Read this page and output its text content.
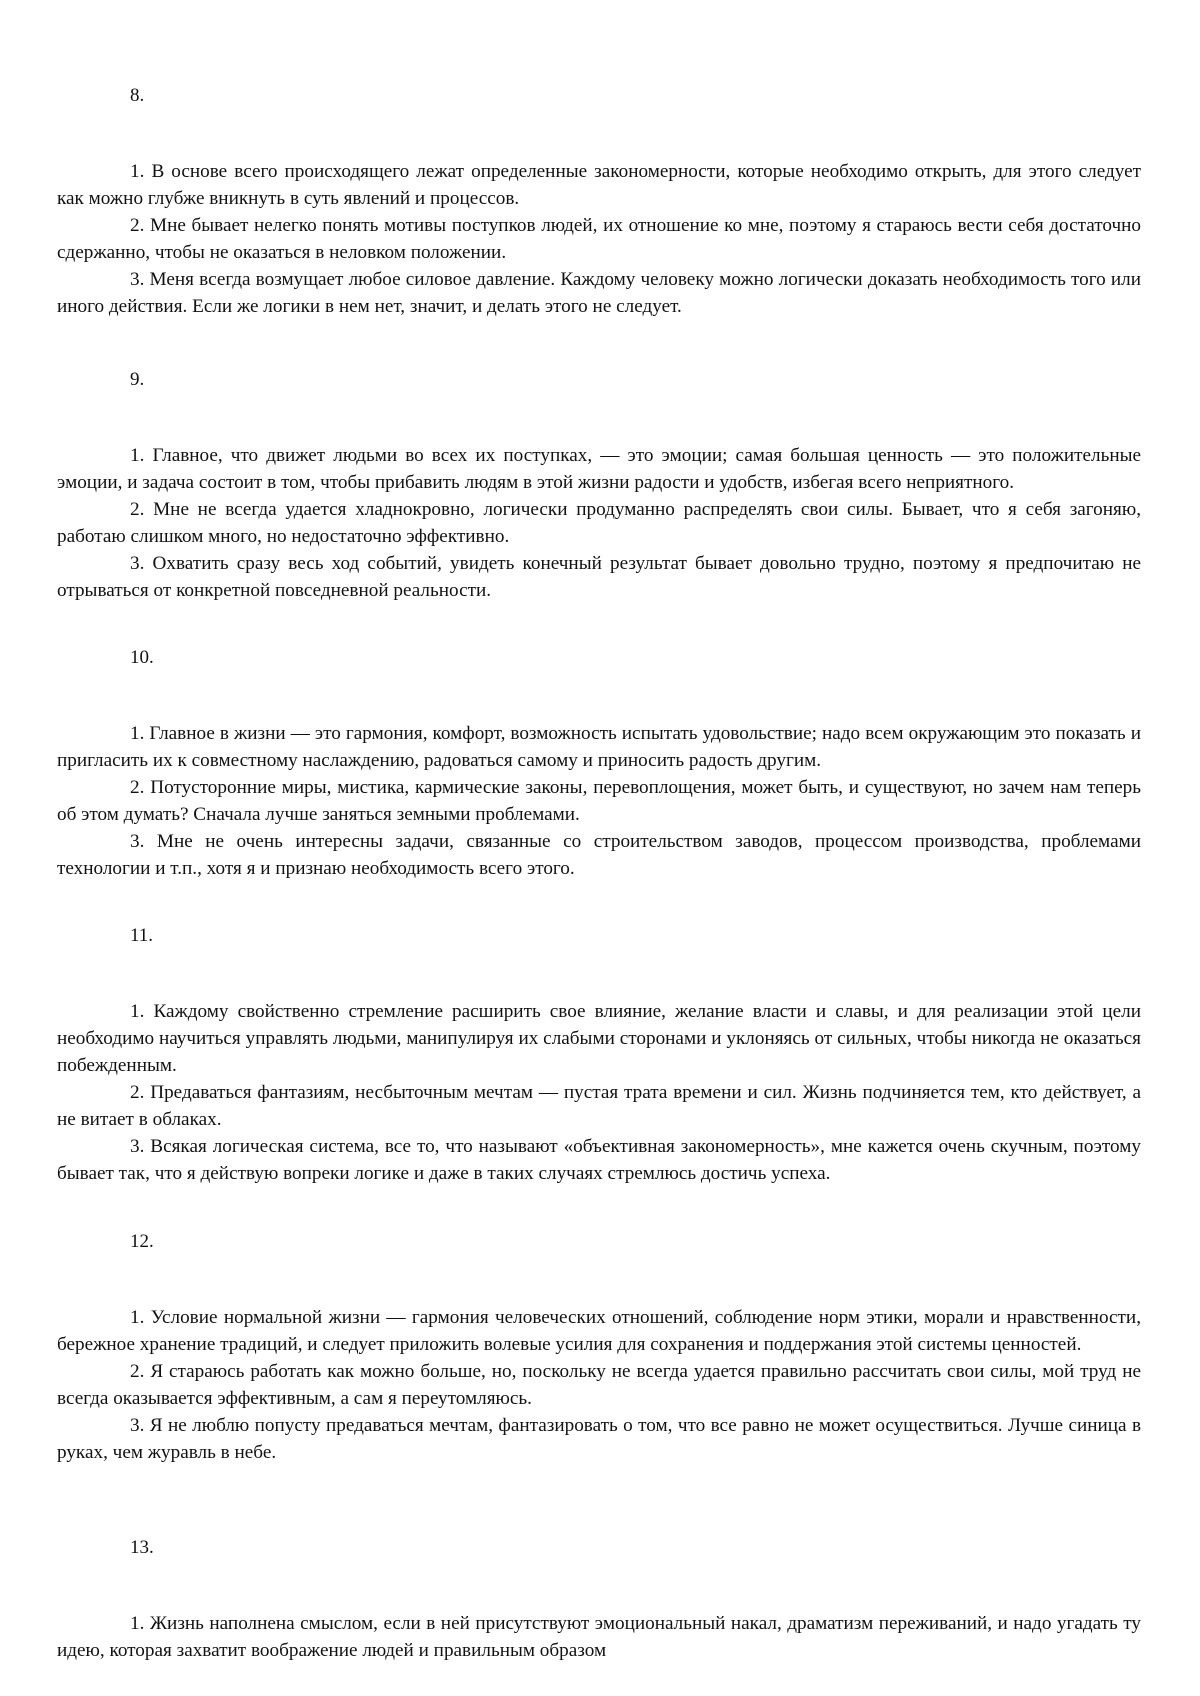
8.

1. В основе всего происходящего лежат определенные закономерности, которые необходимо открыть, для этого следует как можно глубже вникнуть в суть явлений и процессов.

2. Мне бывает нелегко понять мотивы поступков людей, их отношение ко мне, поэтому я стараюсь вести себя достаточно сдержанно, чтобы не оказаться в неловком положении.

3. Меня всегда возмущает любое силовое давление. Каждому человеку можно логически доказать необходимость того или иного действия. Если же логики в нем нет, значит, и делать этого не следует.

9.

1. Главное, что движет людьми во всех их поступках, — это эмоции; самая большая ценность — это положительные эмоции, и задача состоит в том, чтобы прибавить людям в этой жизни радости и удобств, избегая всего неприятного.

2. Мне не всегда удается хладнокровно, логически продуманно распределять свои силы. Бывает, что я себя загоняю, работаю слишком много, но недостаточно эффективно.

3. Охватить сразу весь ход событий, увидеть конечный результат бывает довольно трудно, поэтому я предпочитаю не отрываться от конкретной повседневной реальности.

10.

1. Главное в жизни — это гармония, комфорт, возможность испытать удовольствие; надо всем окружающим это показать и пригласить их к совместному наслаждению, радоваться самому и приносить радость другим.

2. Потусторонние миры, мистика, кармические законы, перевоплощения, может быть, и существуют, но зачем нам теперь об этом думать? Сначала лучше заняться земными проблемами.

3. Мне не очень интересны задачи, связанные со строительством заводов, процессом производства, проблемами технологии и т.п., хотя я и признаю необходимость всего этого.

11.

1. Каждому свойственно стремление расширить свое влияние, желание власти и славы, и для реализации этой цели необходимо научиться управлять людьми, манипулируя их слабыми сторонами и уклоняясь от сильных, чтобы никогда не оказаться побежденным.

2. Предаваться фантазиям, несбыточным мечтам — пустая трата времени и сил. Жизнь подчиняется тем, кто действует, а не витает в облаках.

3. Всякая логическая система, все то, что называют «объективная закономерность», мне кажется очень скучным, поэтому бывает так, что я действую вопреки логике и даже в таких случаях стремлюсь достичь успеха.

12.

1. Условие нормальной жизни — гармония человеческих отношений, соблюдение норм этики, морали и нравственности, бережное хранение традиций, и следует приложить волевые усилия для сохранения и поддержания этой системы ценностей.

2. Я стараюсь работать как можно больше, но, поскольку не всегда удается правильно рассчитать свои силы, мой труд не всегда оказывается эффективным, а сам я переутомляюсь.

3. Я не люблю попусту предаваться мечтам, фантазировать о том, что все равно не может осуществиться. Лучше синица в руках, чем журавль в небе.

13.

1. Жизнь наполнена смыслом, если в ней присутствуют эмоциональный накал, драматизм переживаний, и надо угадать ту идею, которая захватит воображение людей и правильным образом
